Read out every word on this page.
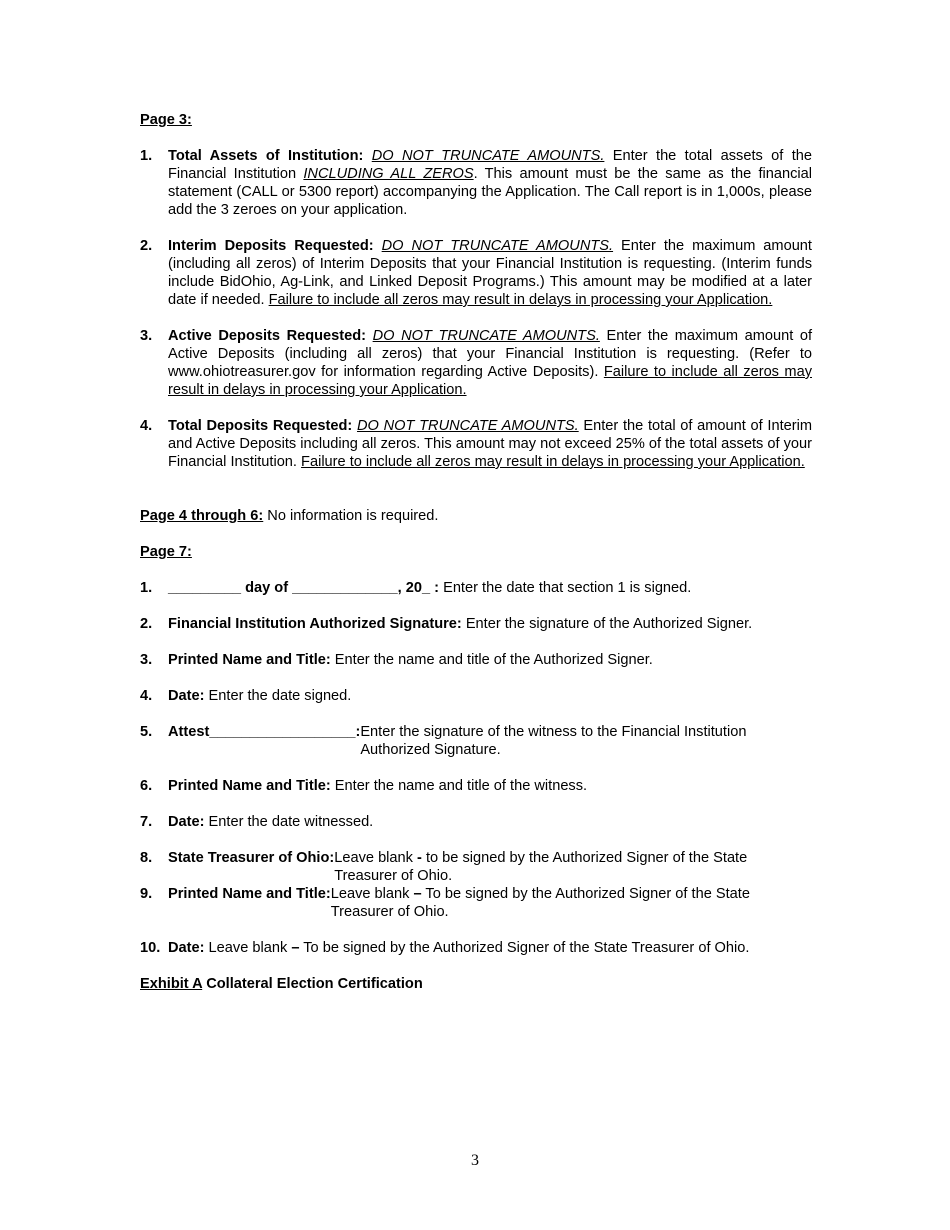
Page 3:

1. Total Assets of Institution: DO NOT TRUNCATE AMOUNTS. Enter the total assets of the Financial Institution INCLUDING ALL ZEROS. This amount must be the same as the financial statement (CALL or 5300 report) accompanying the Application. The Call report is in 1,000s, please add the 3 zeroes on your application.
2. Interim Deposits Requested: DO NOT TRUNCATE AMOUNTS. Enter the maximum amount (including all zeros) of Interim Deposits that your Financial Institution is requesting. (Interim funds include BidOhio, Ag-Link, and Linked Deposit Programs.) This amount may be modified at a later date if needed. Failure to include all zeros may result in delays in processing your Application.
3. Active Deposits Requested: DO NOT TRUNCATE AMOUNTS. Enter the maximum amount of Active Deposits (including all zeros) that your Financial Institution is requesting. (Refer to www.ohiotreasurer.gov for information regarding Active Deposits). Failure to include all zeros may result in delays in processing your Application.
4. Total Deposits Requested: DO NOT TRUNCATE AMOUNTS. Enter the total of amount of Interim and Active Deposits including all zeros. This amount may not exceed 25% of the total assets of your Financial Institution. Failure to include all zeros may result in delays in processing your Application.

Page 4 through 6: No information is required.

Page 7:

1. _________ day of _____________, 20_ : Enter the date that section 1 is signed.
2. Financial Institution Authorized Signature: Enter the signature of the Authorized Signer.
3. Printed Name and Title: Enter the name and title of the Authorized Signer.
4. Date: Enter the date signed.
5. Attest__________________:Enter the signature of the witness to the Financial Institution Authorized Signature.
6. Printed Name and Title: Enter the name and title of the witness.
7. Date: Enter the date witnessed.
8. State Treasurer of Ohio:Leave blank - to be signed by the Authorized Signer of the State Treasurer of Ohio.
9. Printed Name and Title:Leave blank – To be signed by the Authorized Signer of the State Treasurer of Ohio.
10. Date: Leave blank – To be signed by the Authorized Signer of the State Treasurer of Ohio.

Exhibit A Collateral Election Certification

3
